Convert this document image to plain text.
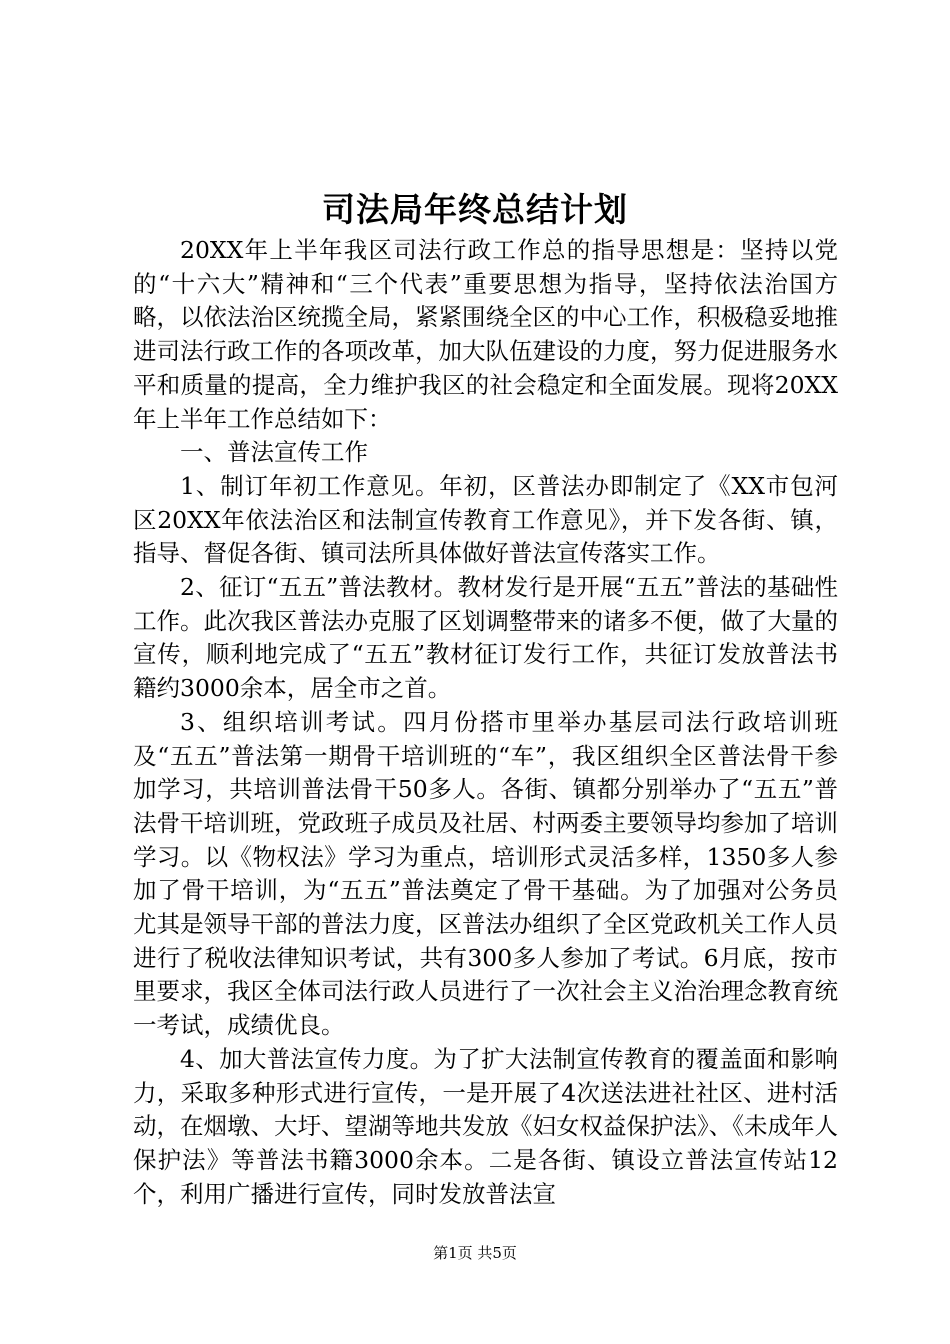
司法局年终总结计划

20XX年上半年我区司法行政工作总的指导思想是：坚持以党的“十六大”精神和“三个代表”重要思想为指导，坚持依法治国方略，以依法治区统揽全局，紧紧围绕全区的中心工作，积极稳妥地推进司法行政工作的各项改革，加大队伍建设的力度，努力促进服务水平和质量的提高，全力维护我区的社会稳定和全面发展。现将20XX年上半年工作总结如下：

一、普法宣传工作

1、制订年初工作意见。年初，区普法办即制定了《XX市包河区20XX年依法治区和法制宣传教育工作意见》，并下发各街、镇，指导、督促各街、镇司法所具体做好普法宣传落实工作。

2、征订“五五”普法教材。教材发行是开展“五五”普法的基础性工作。此次我区普法办克服了区划调整带来的诸多不便，做了大量的宣传，顺利地完成了“五五”教材征订发行工作，共征订发放普法书籍约3000余本，居全市之首。

3、组织培训考试。四月份搭市里举办基层司法行政培训班及“五五”普法第一期骨干培训班的“车”，我区组织全区普法骨干参加学习，共培训普法骨干50多人。各街、镇都分别举办了“五五”普法骨干培训班，党政班子成员及社居、村两委主要领导均参加了培训学习。以《物权法》学习为重点，培训形式灵活多样，1350多人参加了骨干培训，为“五五”普法奠定了骨干基础。为了加强对公务员尤其是领导干部的普法力度，区普法办组织了全区党政机关工作人员进行了税收法律知识考试，共有300多人参加了考试。6月底，按市里要求，我区全体司法行政人员进行了一次社会主义治治理念教育统一考试，成绩优良。

4、加大普法宣传力度。为了扩大法制宣传教育的覆盖面和影响力，采取多种形式进行宣传，一是开展了4次送法进社社区、进村活动，在烟墩、大圩、望湖等地共发放《妇女权益保护法》、《未成年人保护法》等普法书籍3000余本。二是各街、镇设立普法宣传站12个，利用广播进行宣传，同时发放普法宣

第1页 共5页
